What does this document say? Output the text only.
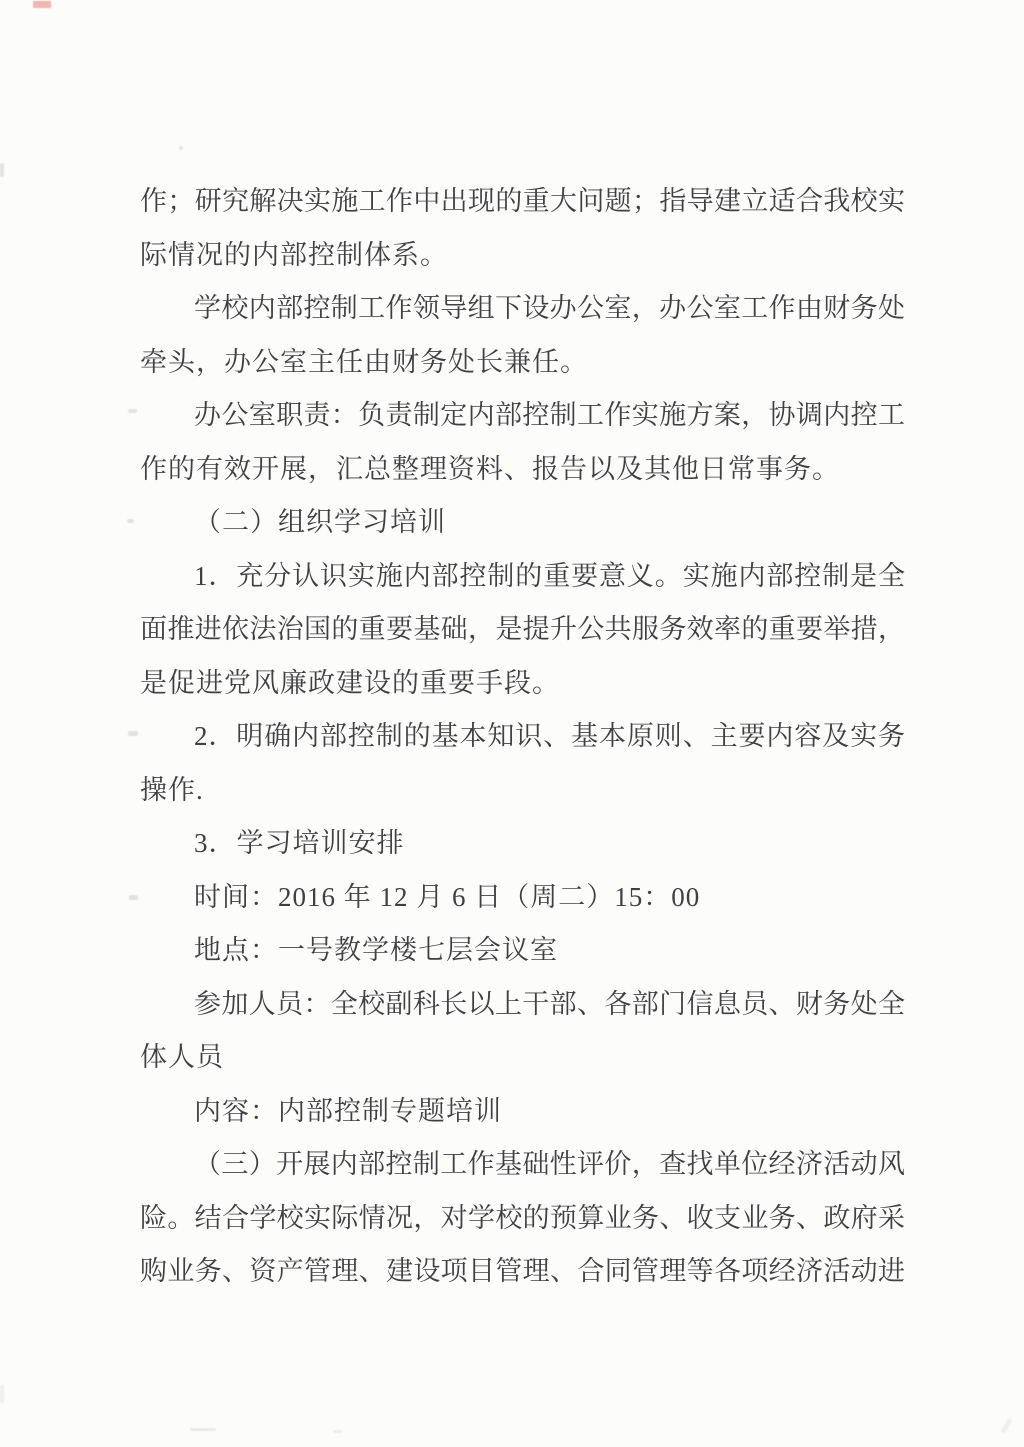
作；研究解决实施工作中出现的重大问题；指导建立适合我校实
际情况的内部控制体系。
学校内部控制工作领导组下设办公室，办公室工作由财务处
牵头，办公室主任由财务处长兼任。
办公室职责：负责制定内部控制工作实施方案，协调内控工
作的有效开展，汇总整理资料、报告以及其他日常事务。
（二）组织学习培训
1．充分认识实施内部控制的重要意义。实施内部控制是全
面推进依法治国的重要基础，是提升公共服务效率的重要举措，
是促进党风廉政建设的重要手段。
2．明确内部控制的基本知识、基本原则、主要内容及实务
操作.
3．学习培训安排
时间：2016 年 12 月 6 日（周二）15：00
地点：一号教学楼七层会议室
参加人员：全校副科长以上干部、各部门信息员、财务处全
体人员
内容：内部控制专题培训
（三）开展内部控制工作基础性评价，查找单位经济活动风
险。结合学校实际情况，对学校的预算业务、收支业务、政府采
购业务、资产管理、建设项目管理、合同管理等各项经济活动进
